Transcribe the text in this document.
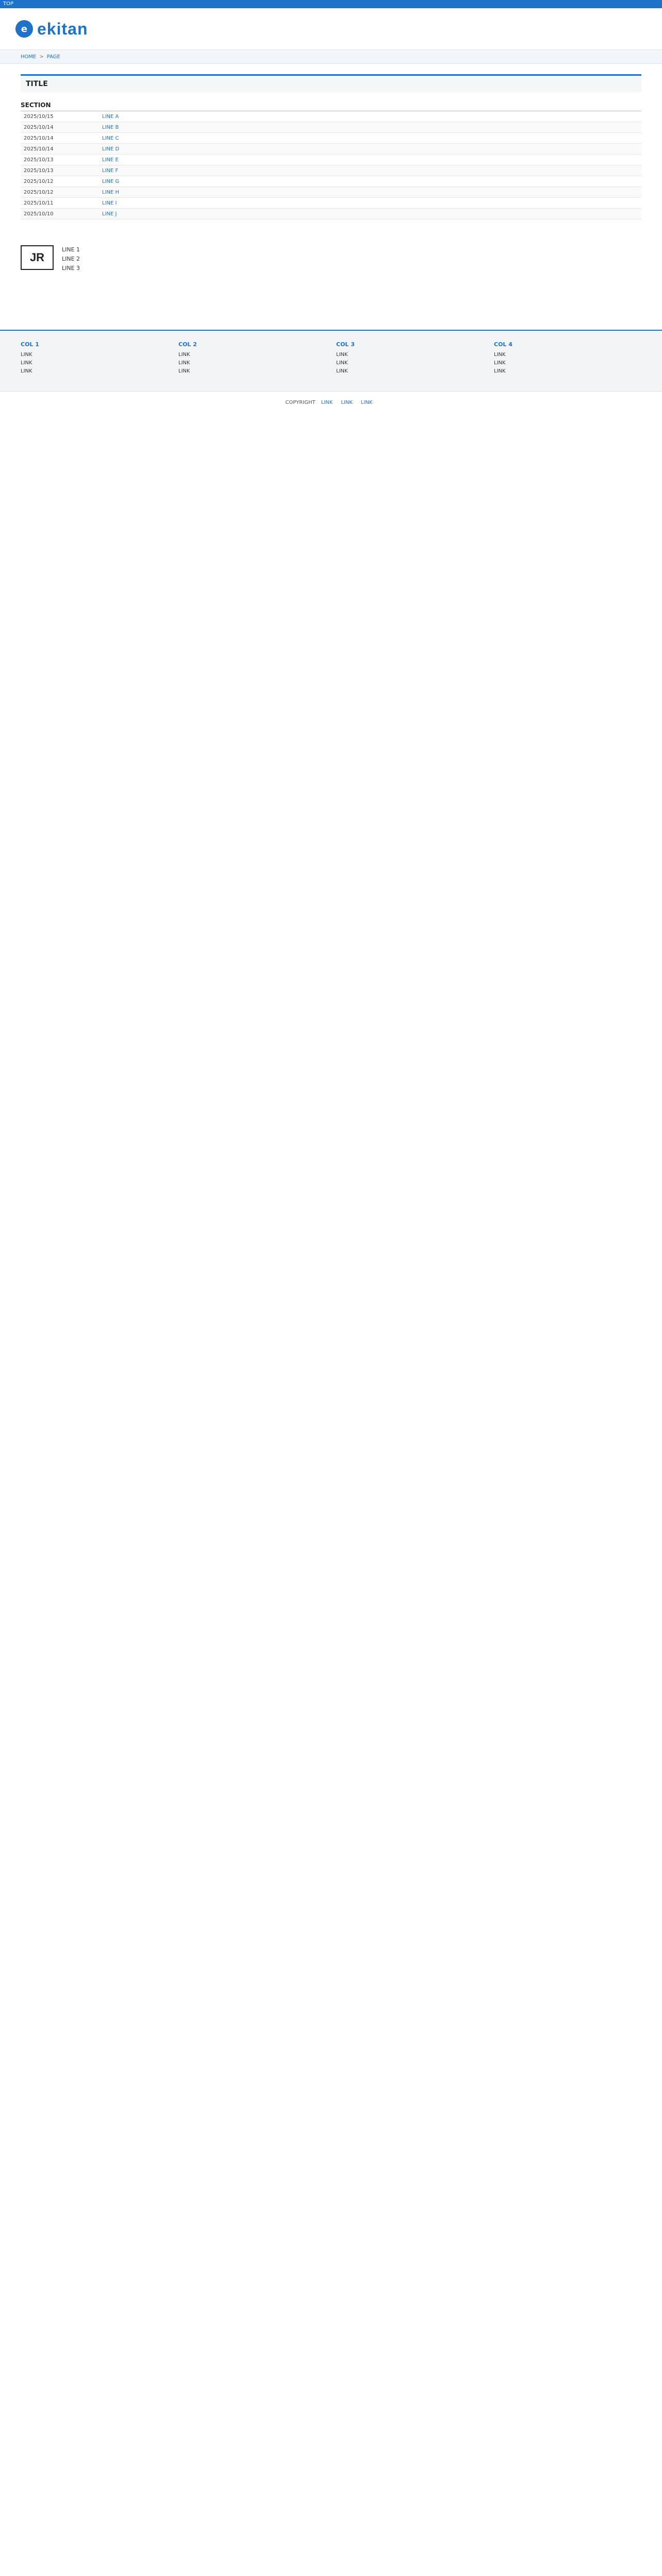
TOP
e ekitan
HOME > PAGE
TITLE
SECTION
2025/10/15	LINE A
2025/10/14	LINE B
2025/10/14	LINE C
2025/10/14	LINE D
2025/10/13	LINE E
2025/10/13	LINE F
2025/10/12	LINE G
2025/10/12	LINE H
2025/10/11	LINE I
2025/10/10	LINE J
JR
LINE 1
LINE 2
LINE 3
COL 1
LINK
LINK
LINK
COL 2
LINK
LINK
LINK
COL 3
LINK
LINK
LINK
COL 4
LINK
LINK
LINK
COPYRIGHT LINK LINK LINK
